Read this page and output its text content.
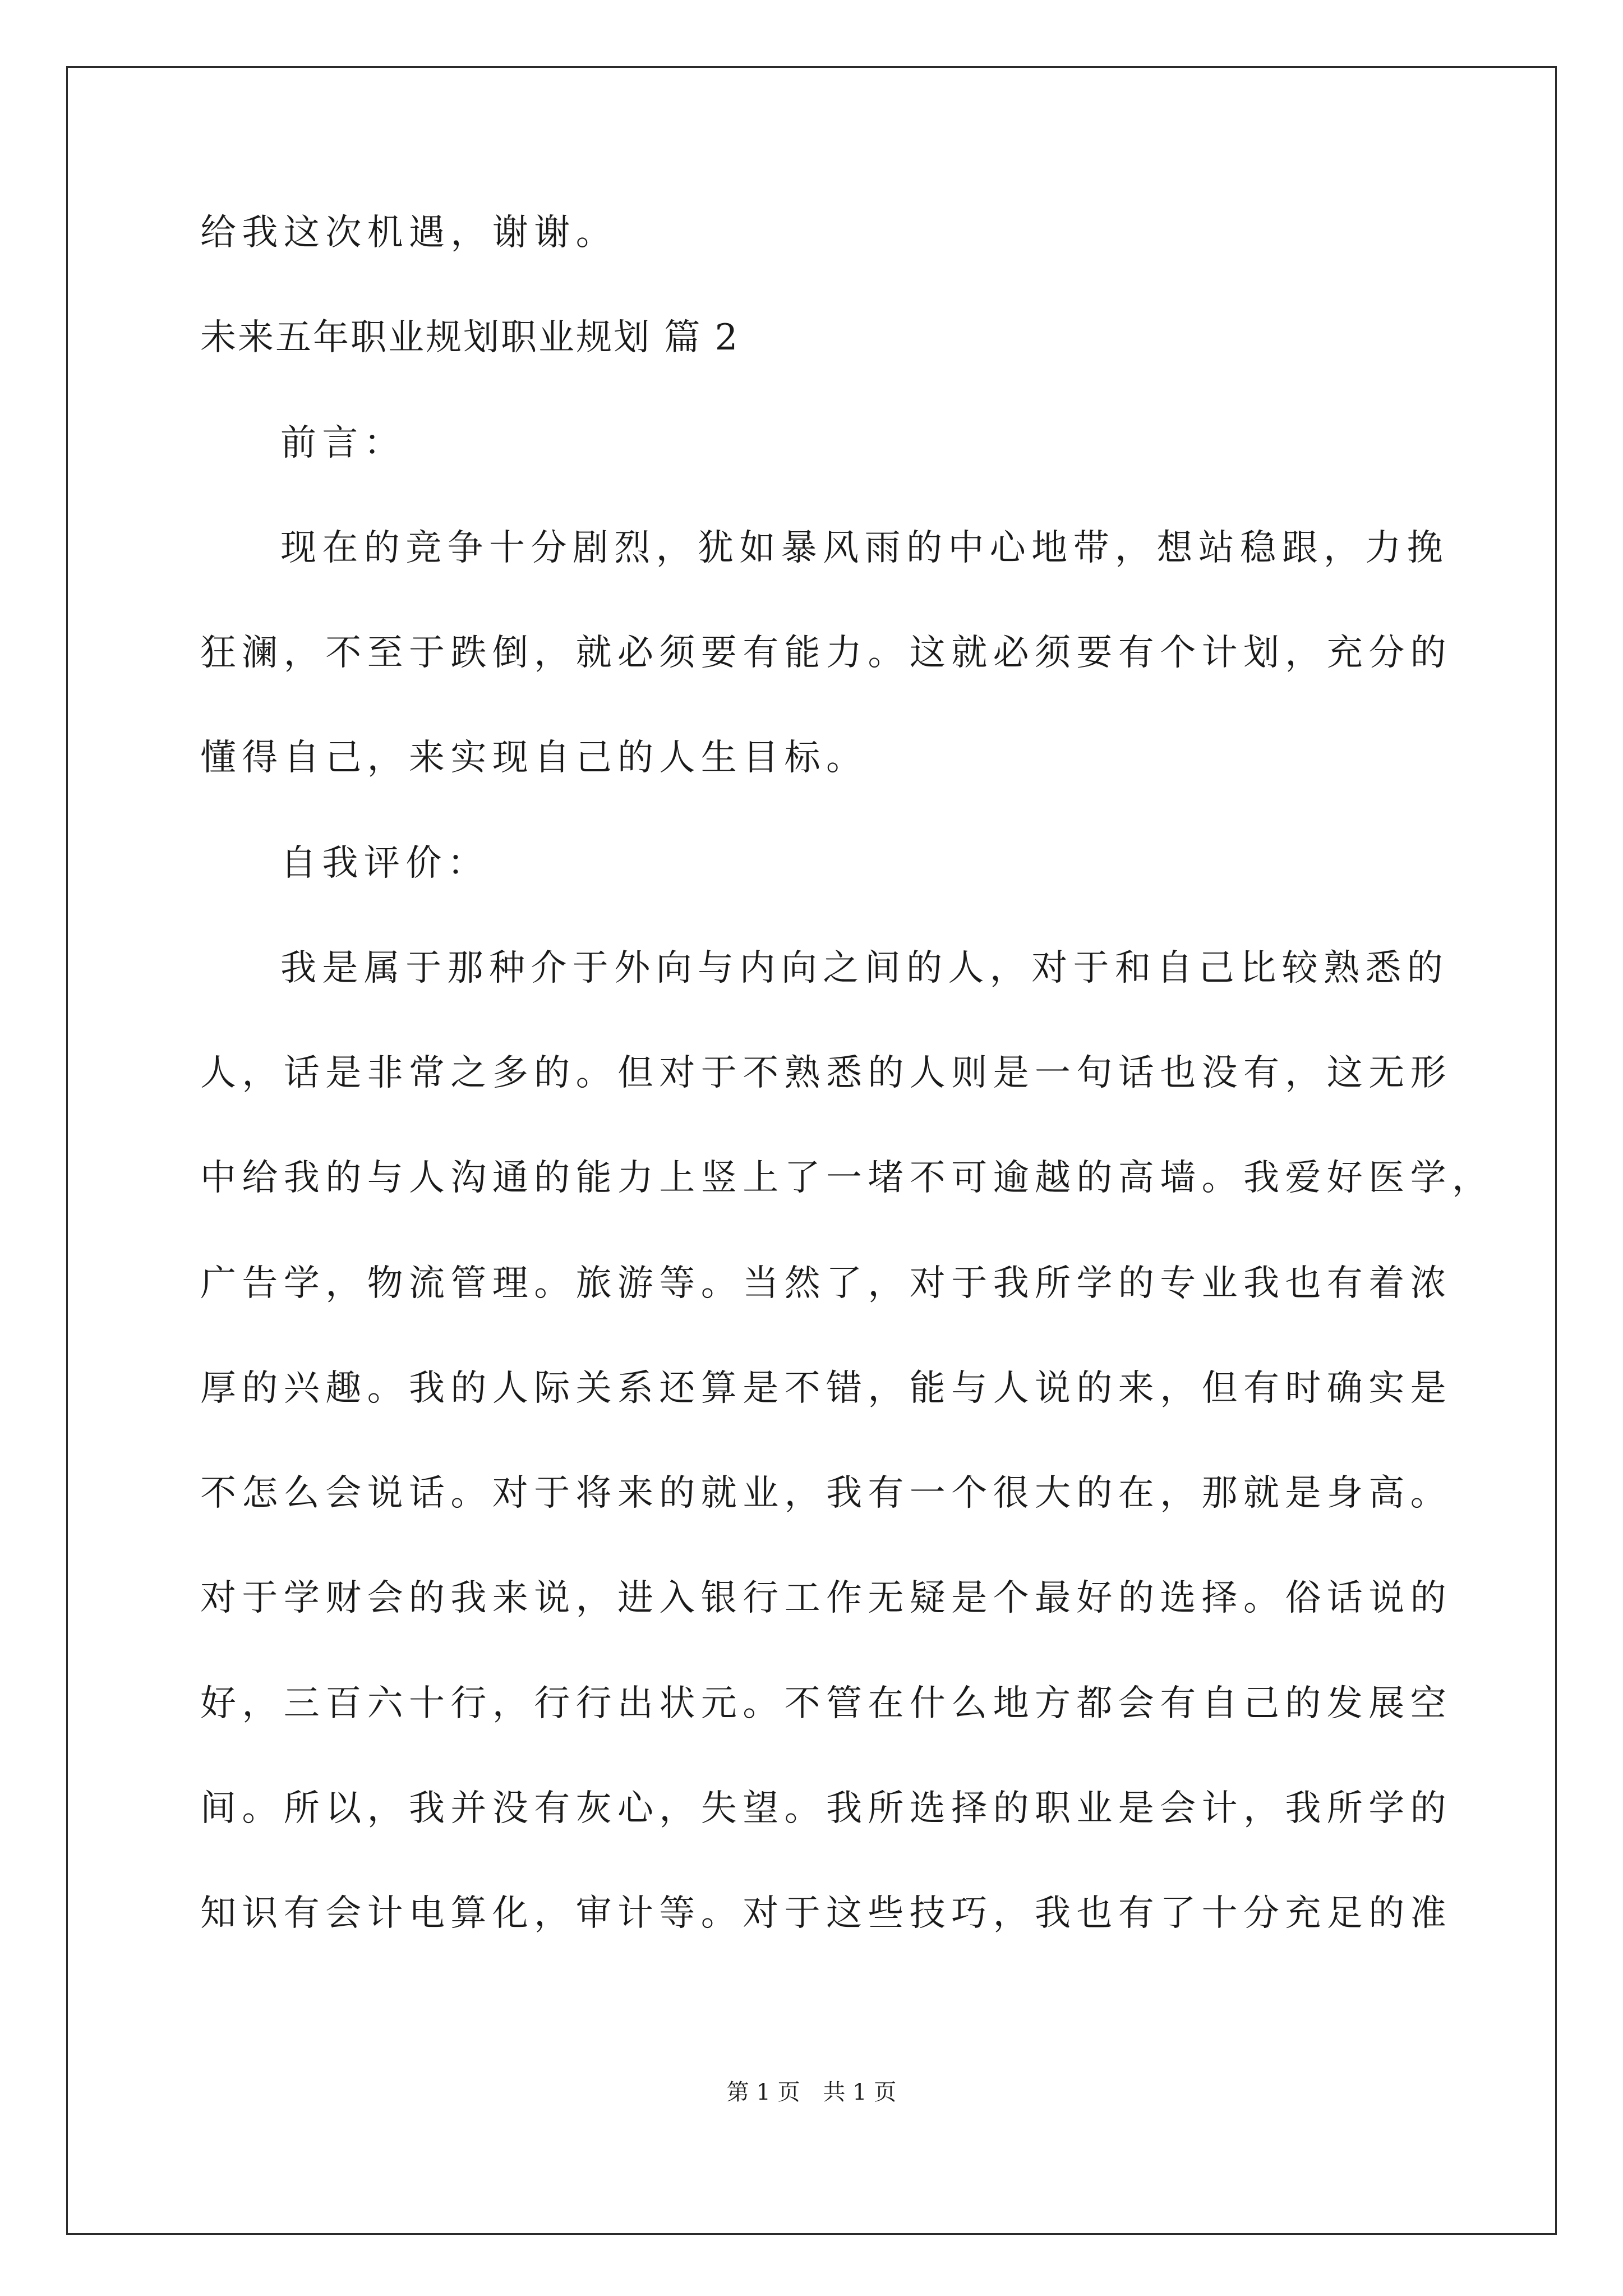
给我这次机遇，谢谢。
未来五年职业规划职业规划 篇 2
前言：
现在的竞争十分剧烈，犹如暴风雨的中心地带，想站稳跟，力挽
狂澜，不至于跌倒，就必须要有能力。这就必须要有个计划，充分的
懂得自己，来实现自己的人生目标。
自我评价：
我是属于那种介于外向与内向之间的人，对于和自己比较熟悉的
人，话是非常之多的。但对于不熟悉的人则是一句话也没有，这无形
中给我的与人沟通的能力上竖上了一堵不可逾越的高墙。我爱好医学，
广告学，物流管理。旅游等。当然了，对于我所学的专业我也有着浓
厚的兴趣。我的人际关系还算是不错，能与人说的来，但有时确实是
不怎么会说话。对于将来的就业，我有一个很大的在，那就是身高。
对于学财会的我来说，进入银行工作无疑是个最好的选择。俗话说的
好，三百六十行，行行出状元。不管在什么地方都会有自己的发展空
间。所以，我并没有灰心，失望。我所选择的职业是会计，我所学的
知识有会计电算化，审计等。对于这些技巧，我也有了十分充足的准
第 1 页 共 1 页
